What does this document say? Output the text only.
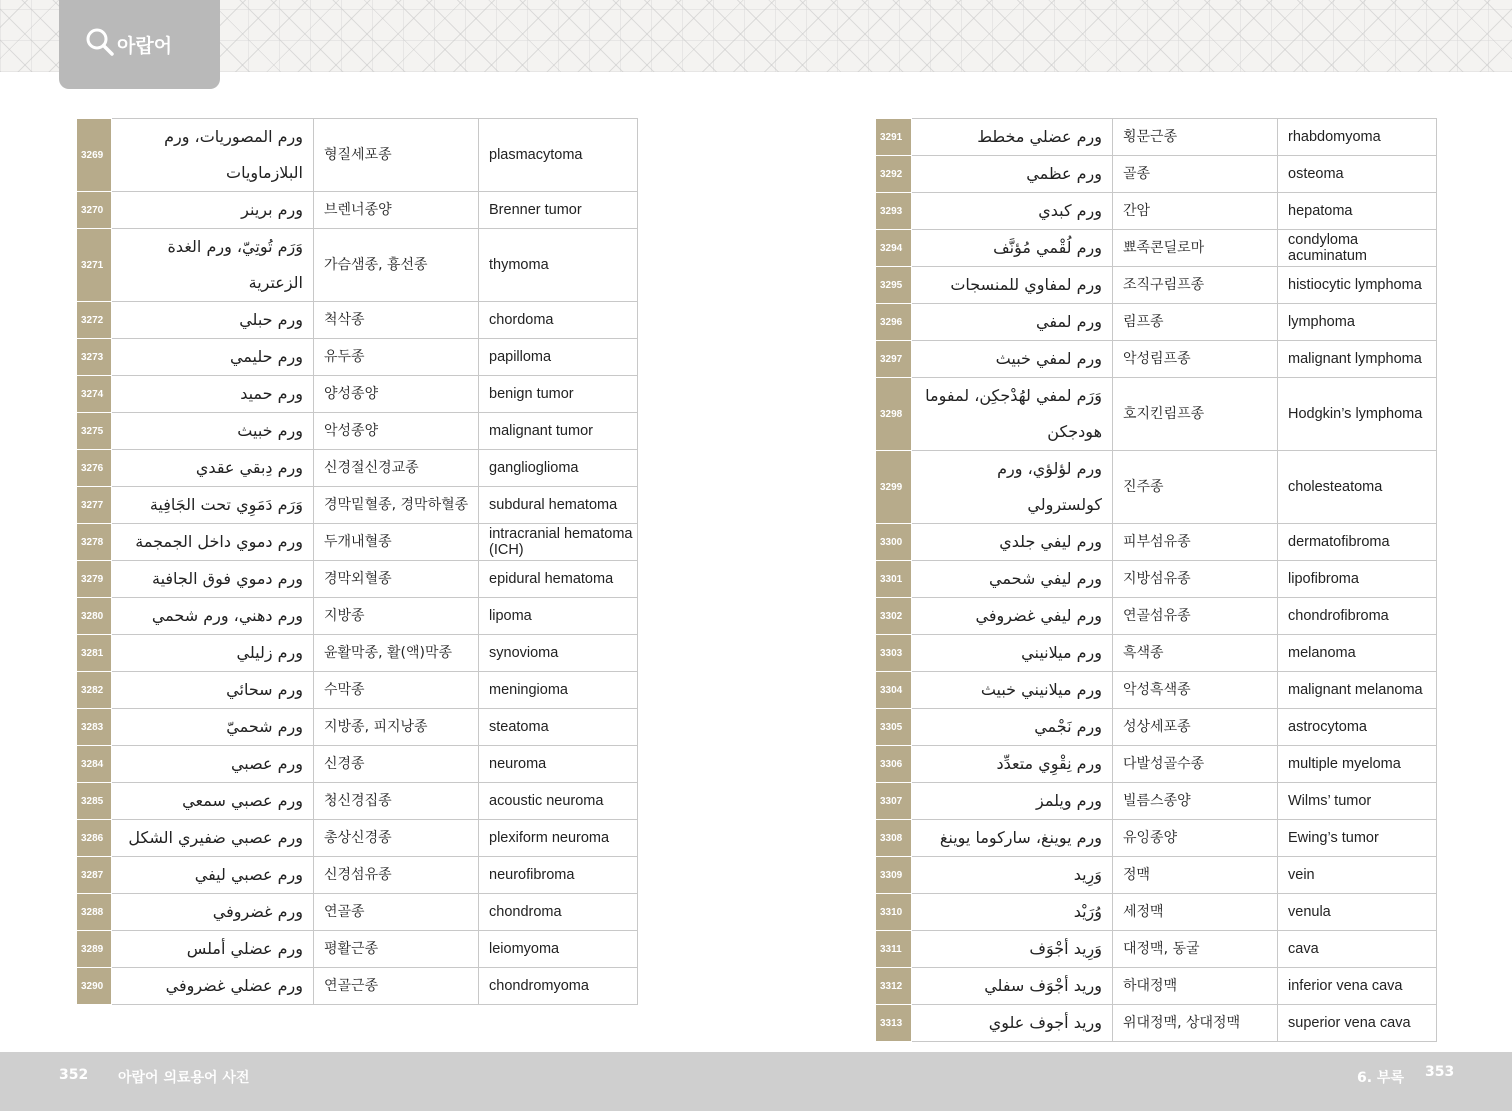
아랍어
3269	ورم المصوريات، ورم البلازماويات	형질세포종	plasmacytoma
3270	ورم برينر	브렌너종양	Brenner tumor
3271	وَرَم تُوتِيّ، ورم الغدة الزعترية	가슴샘종, 흉선종	thymoma
3272	ورم حبلي	척삭종	chordoma
3273	ورم حليمي	유두종	papilloma
3274	ورم حميد	양성종양	benign tumor
3275	ورم خبيث	악성종양	malignant tumor
3276	ورم دِبقي عقدي	신경절신경교종	ganglioglioma
3277	وَرَم دَمَوِي تحت الجَافِية	경막밑혈종, 경막하혈종	subdural hematoma
3278	ورم دموي داخل الجمجمة	두개내혈종	intracranial hematoma (ICH)
3279	ورم دموي فوق الجافية	경막외혈종	epidural hematoma
3280	ورم دهني، ورم شحمي	지방종	lipoma
3281	ورم زليلي	윤활막종, 활(액)막종	synovioma
3282	ورم سحائي	수막종	meningioma
3283	ورم شحميّ	지방종, 피지낭종	steatoma
3284	ورم عصبي	신경종	neuroma
3285	ورم عصبي سمعي	청신경집종	acoustic neuroma
3286	ورم عصبي ضفيري الشكل	총상신경종	plexiform neuroma
3287	ورم عصبي ليفي	신경섬유종	neurofibroma
3288	ورم غضروفي	연골종	chondroma
3289	ورم عضلي أملس	평활근종	leiomyoma
3290	ورم عضلي غضروفي	연골근종	chondromyoma
3291	ورم عضلي مخطط	횡문근종	rhabdomyoma
3292	ورم عظمي	골종	osteoma
3293	ورم كبدي	간암	hepatoma
3294	ورم لُقْمي مُؤنَّف	뾰족콘딜로마	condyloma acuminatum
3295	ورم لمفاوي للمنسجات	조직구림프종	histiocytic lymphoma
3296	ورم لمفي	림프종	lymphoma
3297	ورم لمفي خبيث	악성림프종	malignant lymphoma
3298	وَرَم لمفي لهُدْجكِن، لمفوما هودجكن	호지킨림프종	Hodgkin’s lymphoma
3299	ورم لؤلؤي، ورم كولسترولي	진주종	cholesteatoma
3300	ورم ليفي جلدي	피부섬유종	dermatofibroma
3301	ورم ليفي شحمي	지방섬유종	lipofibroma
3302	ورم ليفي غضروفي	연골섬유종	chondrofibroma
3303	ورم ميلانيني	흑색종	melanoma
3304	ورم ميلانيني خبيث	악성흑색종	malignant melanoma
3305	ورم نَجْمي	성상세포종	astrocytoma
3306	ورم نِقْوِي متعدِّد	다발성골수종	multiple myeloma
3307	ورم ويلمز	빌름스종양	Wilms’ tumor
3308	ورم يوينغ، ساركوما يوينغ	유잉종양	Ewing’s tumor
3309	وَرِيد	정맥	vein
3310	وُرَيْد	세정맥	venula
3311	وَرِيد أجْوَف	대정맥, 동굴	cava
3312	وريد أجْوَف سفلي	하대정맥	inferior vena cava
3313	وريد أجوف علوي	위대정맥, 상대정맥	superior vena cava
352 아랍어 의료용어 사전	6. 부록 353
